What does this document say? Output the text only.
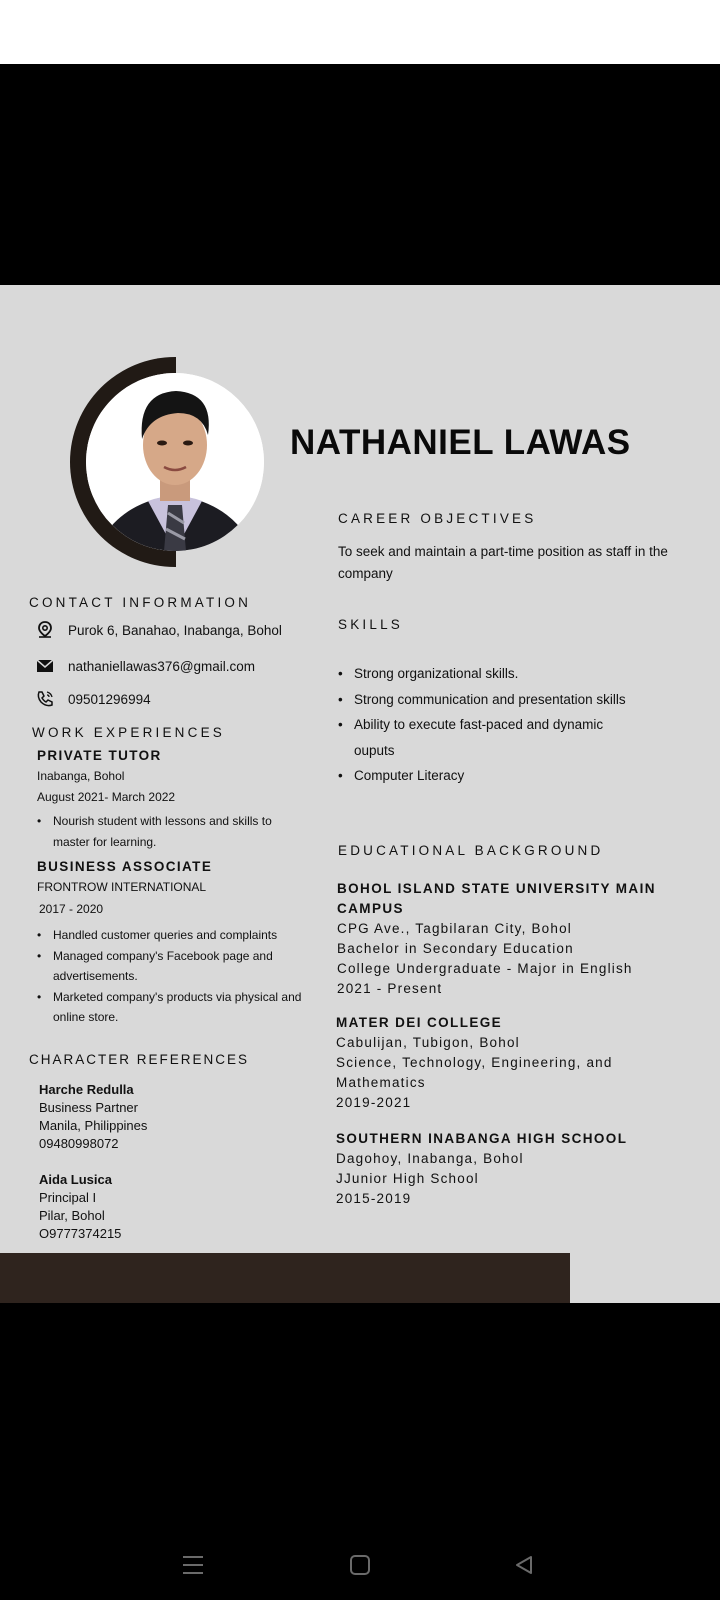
NATHANIEL LAWAS
CAREER OBJECTIVES
To seek and maintain a part-time position as staff in the company
SKILLS
• Strong organizational skills.
• Strong communication and presentation skills
• Ability to execute fast-paced and dynamic ouputs
• Computer Literacy
CONTACT INFORMATION
Purok 6, Banahao, Inabanga, Bohol
nathaniellawas376@gmail.com
09501296994
WORK EXPERIENCES
PRIVATE TUTOR
Inabanga, Bohol
August 2021- March 2022
• Nourish student with lessons and skills to master for learning.
BUSINESS ASSOCIATE
FRONTROW INTERNATIONAL
2017 - 2020
• Handled customer queries and complaints
• Managed company's Facebook page and advertisements.
• Marketed company's products via physical and online store.
CHARACTER REFERENCES
Harche Redulla
Business Partner
Manila, Philippines
09480998072
Aida Lusica
Principal I
Pilar, Bohol
O9777374215
EDUCATIONAL BACKGROUND
BOHOL ISLAND STATE UNIVERSITY MAIN CAMPUS
CPG Ave., Tagbilaran City, Bohol
Bachelor in Secondary Education
College Undergraduate - Major in English
2021 - Present
MATER DEI COLLEGE
Cabulijan, Tubigon, Bohol
Science, Technology, Engineering, and
Mathematics
2019-2021
SOUTHERN INABANGA HIGH SCHOOL
Dagohoy, Inabanga, Bohol
JJunior High School
2015-2019
